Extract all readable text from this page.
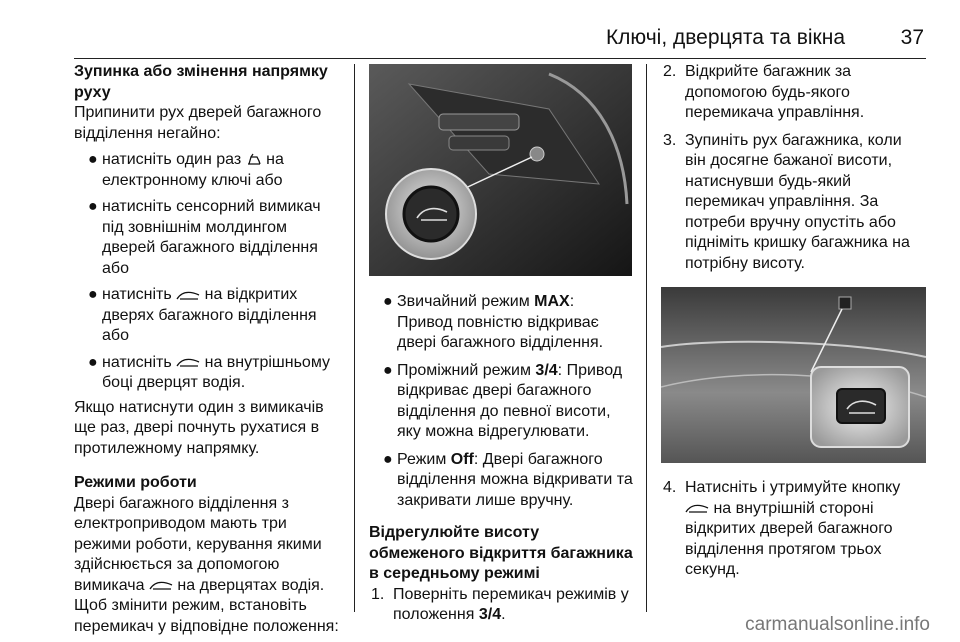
Ключі, дверцята та вікна	37

Зупинка або змінення напрямку руху

Припинити рух дверей багажного відділення негайно:

● натисніть один раз на електронному ключі або

● натисніть сенсорний вимикач під зовнішнім молдингом дверей багажного відділення або

● натисніть на відкритих дверях багажного відділення або

● натисніть на внутрішньому боці дверцят водія.

Якщо натиснути один з вимикачів ще раз, двері почнуть рухатися в протилежному напрямку.

Режими роботи

Двері багажного відділення з електроприводом мають три режими роботи, керування якими здійснюється за допомогою вимикача на дверцятах водія. Щоб змінити режим, встановіть перемикач у відповідне положення:

● Звичайний режим MAX: Привод повністю відкриває двері багажного відділення.

● Проміжний режим 3/4: Привод відкриває двері багажного відділення до певної висоти, яку можна відрегулювати.

● Режим Off: Двері багажного відділення можна відкривати та закривати лише вручну.

Відрегулюйте висоту обмеженого відкриття багажника в середньому режимі

1. Поверніть перемикач режимів у положення 3/4.

2. Відкрийте багажник за допомогою будь-якого перемикача управління.

3. Зупиніть рух багажника, коли він досягне бажаної висоти, натиснувши будь-який перемикач управління. За потреби вручну опустіть або підніміть кришку багажника на потрібну висоту.

4. Натисніть і утримуйте кнопку
на внутрішній стороні відкритих дверей багажного відділення протягом трьох секунд.

carmanualsonline.info
